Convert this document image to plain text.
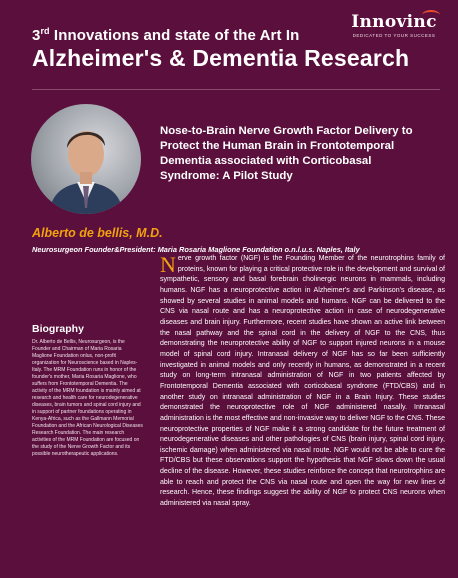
3rd Innovations and state of the Art In
Alzheimer's & Dementia Research
Innovinc
DEDICATED TO YOUR SUCCESS
Nose-to-Brain Nerve Growth Factor Delivery to Protect the Human Brain in Frontotemporal Dementia associated with Corticobasal Syndrome: A Pilot Study
Alberto de bellis, M.D.
Neurosurgeon Founder&President: Maria Rosaria Maglione Foundation o.n.l.u.s. Naples, Italy
Biography
Dr. Alberto de Bellis, Neurosurgeon, is the Founder and Chairman of Maria Rosaria Maglione Foundation onlus, non-profit organization for Neuroscience based in Naples-Italy. The MRM Foundation runs in honor of the founder's mother, Maria Rosaria Maglione, who suffers from Frontotemporal Dementia. The activity of the MRM foundation is mainly aimed at research and health care for neurodegenerative diseases, brain tumors and spinal cord injury and in support of partner foundations operating in Kenya-Africa, such as the Gallmann Memorial Foundation and the African Neurological Diseases Research Foundation. The main research activities of the MRM Foundation are focused on the study of the Nerve Growth Factor and its possible neurotherapeutic applications.
Nerve growth factor (NGF) is the Founding Member of the neurotrophins family of proteins, known for playing a critical protective role in the development and survival of sympathetic, sensory and basal forebrain cholinergic neurons in mammals, including humans. NGF has a neuroprotective action in Alzheimer's and Parkinson's disease, as showed by several studies in animal models and humans. NGF can be delivered to the CNS via nasal route and has a neuroprotective action in case of neurodegenerative diseases and brain injury. Furthermore, recent studies have shown an active link between the nasal pathway and the spinal cord in the delivery of NGF to the CNS, thus demonstrating the neuroprotective ability of NGF to support injured neurons in a mouse model of spinal cord injury. Intranasal delivery of NGF has so far been sufficiently investigated in animal models and only recently in humans, as demonstrated in a recent study on long-term intranasal administration of NGF in two patients affected by Frontotemporal Dementia associated with corticobasal syndrome (FTD/CBS) and in another study on intranasal administration of NGF in a Brain Injury. These studies demonstrated the neuroprotective role of NGF administered nasally. Intranasal administration is the most effective and non-invasive way to deliver NGF to the CNS. These neuroprotective properties of NGF make it a strong candidate for the future treatment of neurodegenerative diseases and other pathologies of CNS (brain injury, spinal cord injury, ischemic damage) when administered via nasal route. NGF would not be able to cure the FTD/CBS but these observations support the hypothesis that NGF slows down the usual decline of the disease. However, these studies reinforce the concept that neurotrophins are able to reach and protect the CNS via nasal route and open the way for new lines of research. Hence, these findings suggest the ability of NGF to protect CNS neurons when administered via nasal spray.
